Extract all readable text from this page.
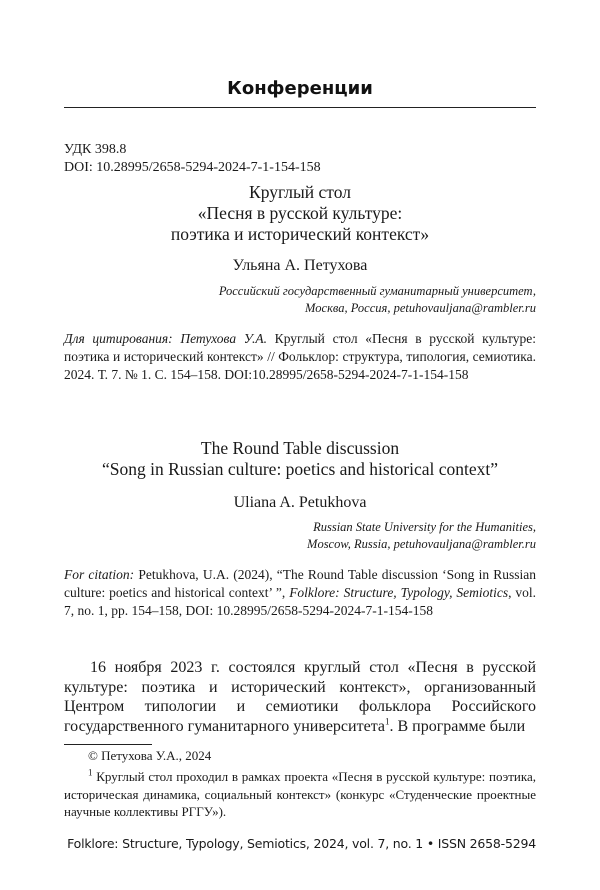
Конференции
УДК 398.8
DOI: 10.28995/2658-5294-2024-7-1-154-158
Круглый стол
«Песня в русской культуре:
поэтика и исторический контекст»
Ульяна А. Петухова
Российский государственный гуманитарный университет,
Москва, Россия, petuhovauljana@rambler.ru
Для цитирования: Петухова У.А. Круглый стол «Песня в русской культуре: поэтика и исторический контекст» // Фольклор: структура, типология, семиотика. 2024. Т. 7. № 1. С. 154–158. DOI:10.28995/2658-5294-2024-7-1-154-158
The Round Table discussion
“Song in Russian culture: poetics and historical context”
Uliana A. Petukhova
Russian State University for the Humanities,
Moscow, Russia, petuhovauljana@rambler.ru
For citation: Petukhova, U.A. (2024), “The Round Table discussion ‘Song in Russian culture: poetics and historical context’ ”, Folklore: Structure, Typology, Semiotics, vol. 7, no. 1, pp. 154–158, DOI: 10.28995/2658-5294-2024-7-1-154-158
16 ноября 2023 г. состоялся круглый стол «Песня в русской культуре: поэтика и исторический контекст», организованный Центром типологии и семиотики фольклора Российского государственного гуманитарного университета$^1$. В программе были
© Петухова У.А., 2024
$^1$ Круглый стол проходил в рамках проекта «Песня в русской культуре: поэтика, историческая динамика, социальный контекст» (конкурс «Студенческие проектные научные коллективы РГГУ»).
Folklore: Structure, Typology, Semiotics, 2024, vol. 7, no. 1 • ISSN 2658-5294
